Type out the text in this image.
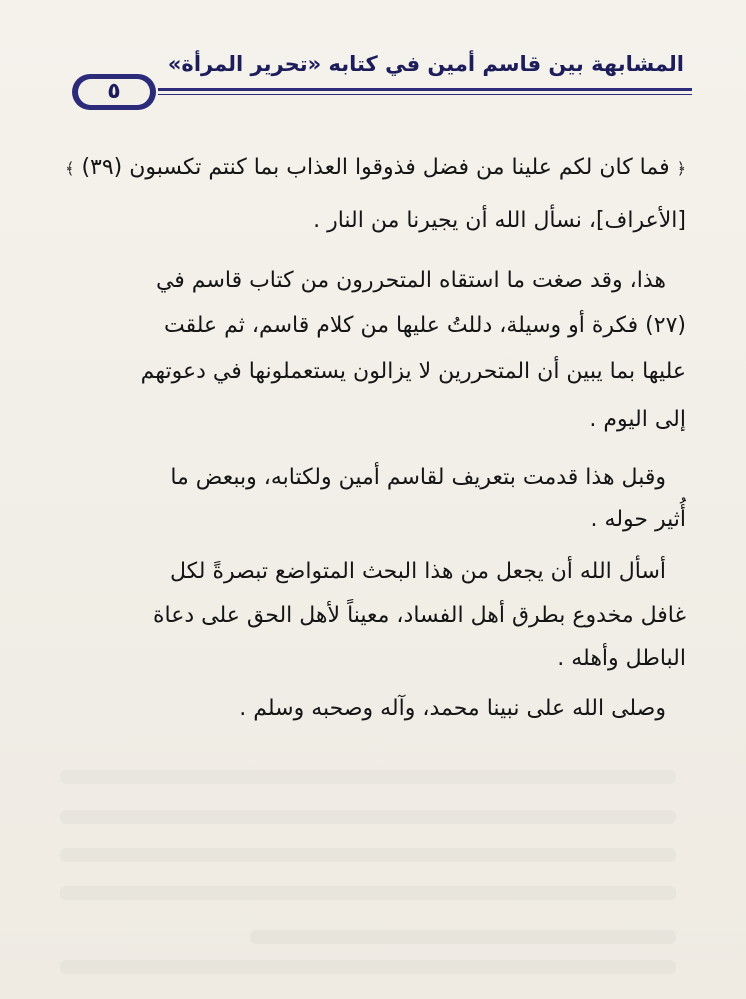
المشابهة بين قاسم أمين في كتابه «تحرير المرأة»
٥
﴿ فما كان لكم علينا من فضل فذوقوا العذاب بما كنتم تكسبون (٣٩) ﴾
[الأعراف]، نسأل الله أن يجيرنا من النار .
هذا، وقد صغت ما استقاه المتحررون من كتاب قاسم في
(٢٧) فكرة أو وسيلة، دللتُ عليها من كلام قاسم، ثم علقت
عليها بما يبين أن المتحررين لا يزالون يستعملونها في دعوتهم
إلى اليوم .
وقبل هذا قدمت بتعريف لقاسم أمين ولكتابه، وببعض ما
أُثير حوله .
أسأل الله أن يجعل من هذا البحث المتواضع تبصرةً لكل
غافل مخدوع بطرق أهل الفساد، معيناً لأهل الحق على دعاة
الباطل وأهله .
وصلى الله على نبينا محمد، وآله وصحبه وسلم .
